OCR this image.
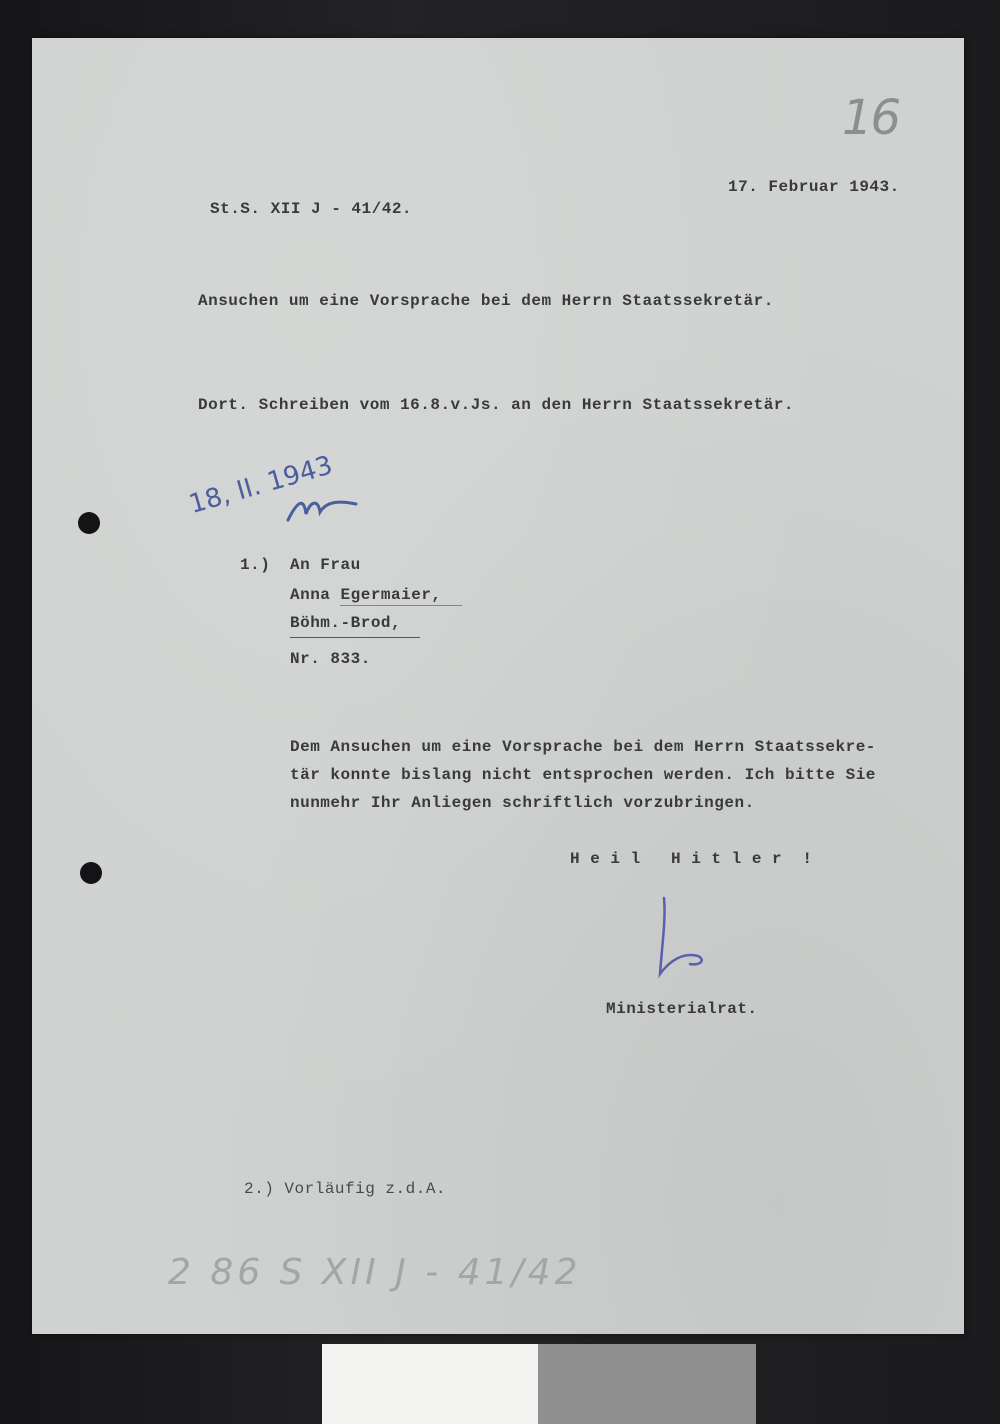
16
17. Februar 1943.
St.S. XII J - 41/42.
Ansuchen um eine Vorsprache bei dem Herrn Staatssekretär.
Dort. Schreiben vom 16.8.v.Js. an den Herrn Staatssekretär.
18, II. 1943
1.) An Frau
Anna Egermaier,
Böhm.-Brod,
Nr. 833.
Dem Ansuchen um eine Vorsprache bei dem Herrn Staatssekre-
tär konnte bislang nicht entsprochen werden. Ich bitte Sie
nunmehr Ihr Anliegen schriftlich vorzubringen.
H e i l   H i t l e r  !
Ministerialrat.
2.) Vorläufig z.d.A.
2 86 S XII J - 41/42
